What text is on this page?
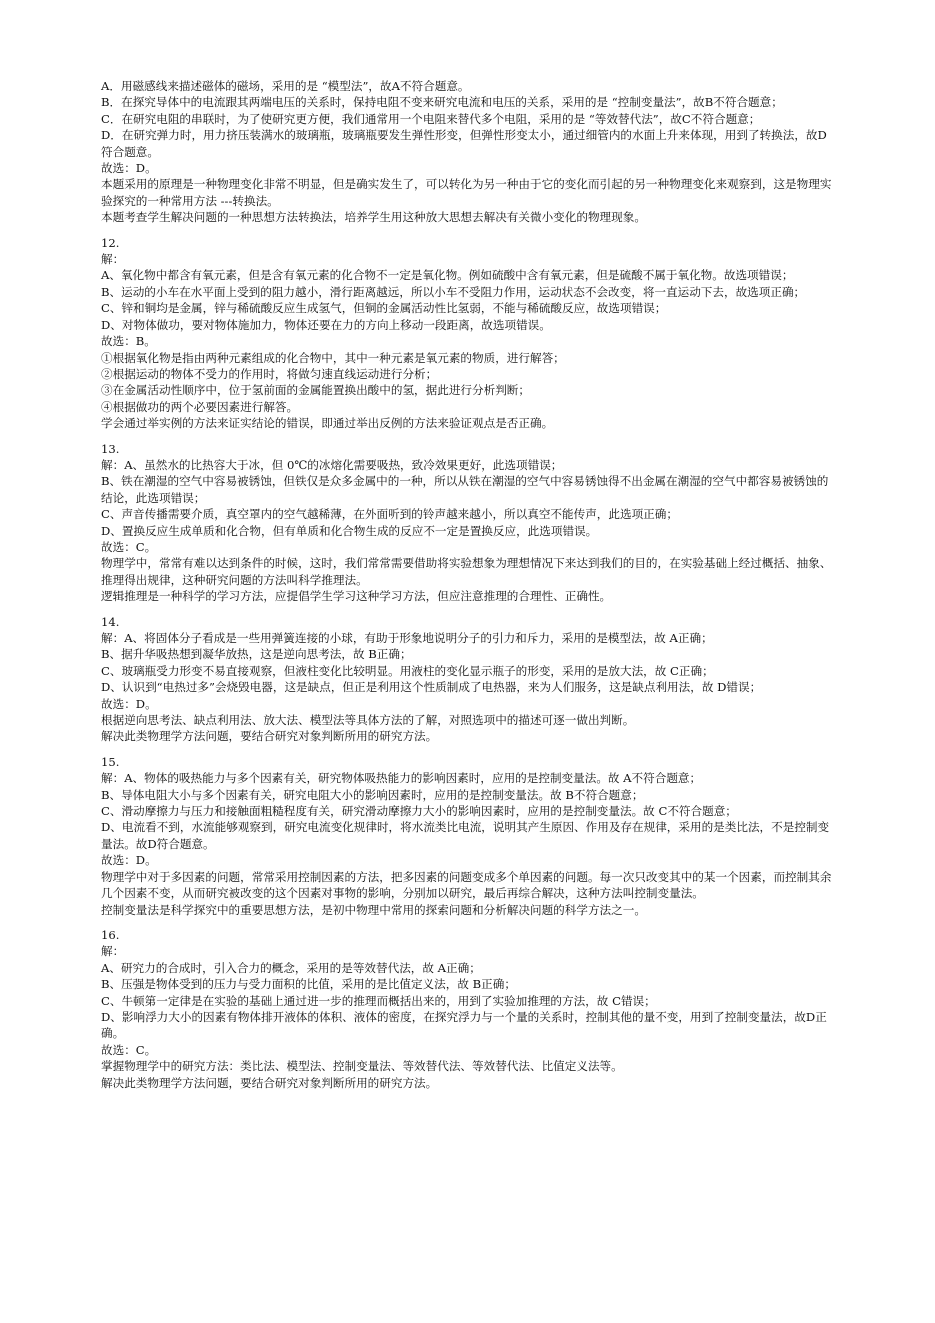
A．用磁感线来描述磁体的磁场，采用的是 “模型法”，故A不符合题意。
B．在探究导体中的电流跟其两端电压的关系时，保持电阻不变来研究电流和电压的关系，采用的是 “控制变量法”，故B不符合题意；
C．在研究电阻的串联时，为了使研究更方便，我们通常用一个电阻来替代多个电阻，采用的是 “等效替代法”，故C不符合题意；
D．在研究弹力时，用力挤压装满水的玻璃瓶，玻璃瓶要发生弹性形变，但弹性形变太小，通过细管内的水面上升来体现，用到了转换法，故D符合题意。
故选：D。
本题采用的原理是一种物理变化非常不明显，但是确实发生了，可以转化为另一种由于它的变化而引起的另一种物理变化来观察到，这是物理实验探究的一种常用方法 ---转换法。
本题考查学生解决问题的一种思想方法转换法，培养学生用这种放大思想去解决有关微小变化的物理现象。
12.
解：
A、氧化物中都含有氧元素，但是含有氧元素的化合物不一定是氧化物。例如硫酸中含有氧元素，但是硫酸不属于氧化物。故选项错误；
B、运动的小车在水平面上受到的阻力越小，滑行距离越远，所以小车不受阻力作用，运动状态不会改变，将一直运动下去，故选项正确；
C、锌和铜均是金属，锌与稀硫酸反应生成氢气，但铜的金属活动性比氢弱，不能与稀硫酸反应，故选项错误；
D、对物体做功，要对物体施加力，物体还要在力的方向上移动一段距离，故选项错误。
故选：B。
①根据氧化物是指由两种元素组成的化合物中，其中一种元素是氧元素的物质，进行解答；
②根据运动的物体不受力的作用时，将做匀速直线运动进行分析；
③在金属活动性顺序中，位于氢前面的金属能置换出酸中的氢，据此进行分析判断；
④根据做功的两个必要因素进行解答。
学会通过举实例的方法来证实结论的错误，即通过举出反例的方法来验证观点是否正确。
13.
解：A、虽然水的比热容大于冰，但 0℃的冰熔化需要吸热，致冷效果更好，此选项错误；
B、铁在潮湿的空气中容易被锈蚀，但铁仅是众多金属中的一种，所以从铁在潮湿的空气中容易锈蚀得不出金属在潮湿的空气中都容易被锈蚀的结论，此选项错误；
C、声音传播需要介质，真空罩内的空气越稀薄，在外面听到的铃声越来越小，所以真空不能传声，此选项正确；
D、置换反应生成单质和化合物，但有单质和化合物生成的反应不一定是置换反应，此选项错误。
故选：C。
物理学中，常常有难以达到条件的时候，这时，我们常常需要借助将实验想象为理想情况下来达到我们的目的，在实验基础上经过概括、抽象、推理得出规律，这种研究问题的方法叫科学推理法。
逻辑推理是一种科学的学习方法，应提倡学生学习这种学习方法，但应注意推理的合理性、正确性。
14.
解：A、将固体分子看成是一些用弹簧连接的小球，有助于形象地说明分子的引力和斥力，采用的是模型法，故 A正确；
B、据升华吸热想到凝华放热，这是逆向思考法，故 B正确；
C、玻璃瓶受力形变不易直接观察，但液柱变化比较明显。用液柱的变化显示瓶子的形变，采用的是放大法，故 C正确；
D、认识到“电热过多”会烧毁电器，这是缺点，但正是利用这个性质制成了电热器，来为人们服务，这是缺点利用法，故 D错误；
故选：D。
根据逆向思考法、缺点利用法、放大法、模型法等具体方法的了解，对照选项中的描述可逐一做出判断。
解决此类物理学方法问题，要结合研究对象判断所用的研究方法。
15.
解：A、物体的吸热能力与多个因素有关，研究物体吸热能力的影响因素时，应用的是控制变量法。故 A不符合题意；
B、导体电阻大小与多个因素有关，研究电阻大小的影响因素时，应用的是控制变量法。故 B不符合题意；
C、滑动摩擦力与压力和接触面粗糙程度有关，研究滑动摩擦力大小的影响因素时，应用的是控制变量法。故 C不符合题意；
D、电流看不到，水流能够观察到，研究电流变化规律时，将水流类比电流，说明其产生原因、作用及存在规律，采用的是类比法，不是控制变量法。故D符合题意。
故选：D。
物理学中对于多因素的问题，常常采用控制因素的方法，把多因素的问题变成多个单因素的问题。每一次只改变其中的某一个因素，而控制其余几个因素不变，从而研究被改变的这个因素对事物的影响，分别加以研究，最后再综合解决，这种方法叫控制变量法。
控制变量法是科学探究中的重要思想方法，是初中物理中常用的探索问题和分析解决问题的科学方法之一。
16.
解：
A、研究力的合成时，引入合力的概念，采用的是等效替代法，故 A正确；
B、压强是物体受到的压力与受力面积的比值，采用的是比值定义法，故 B正确；
C、牛顿第一定律是在实验的基础上通过进一步的推理而概括出来的，用到了实验加推理的方法，故 C错误；
D、影响浮力大小的因素有物体排开液体的体积、液体的密度，在探究浮力与一个量的关系时，控制其他的量不变，用到了控制变量法，故D正确。
故选：C。
掌握物理学中的研究方法：类比法、模型法、控制变量法、等效替代法、等效替代法、比值定义法等。
解决此类物理学方法问题，要结合研究对象判断所用的研究方法。
